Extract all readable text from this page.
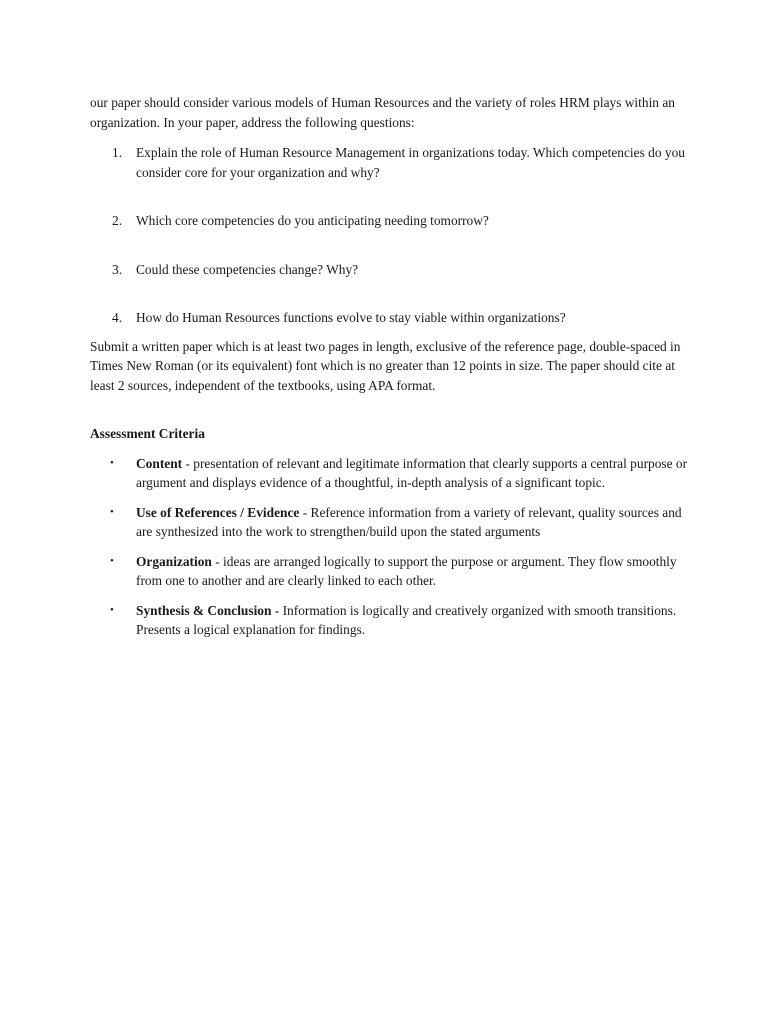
our paper should consider various models of Human Resources and the variety of roles HRM plays within an organization. In your paper, address the following questions:

1. Explain the role of Human Resource Management in organizations today. Which competencies do you consider core for your organization and why?
2. Which core competencies do you anticipating needing tomorrow?
3. Could these competencies change? Why?
4. How do Human Resources functions evolve to stay viable within organizations?

Submit a written paper which is at least two pages in length, exclusive of the reference page, double-spaced in Times New Roman (or its equivalent) font which is no greater than 12 points in size. The paper should cite at least 2 sources, independent of the textbooks, using APA format.

Assessment Criteria

• Content - presentation of relevant and legitimate information that clearly supports a central purpose or argument and displays evidence of a thoughtful, in-depth analysis of a significant topic.
• Use of References / Evidence - Reference information from a variety of relevant, quality sources and are synthesized into the work to strengthen/build upon the stated arguments
• Organization - ideas are arranged logically to support the purpose or argument. They flow smoothly from one to another and are clearly linked to each other.
• Synthesis & Conclusion - Information is logically and creatively organized with smooth transitions. Presents a logical explanation for findings.
